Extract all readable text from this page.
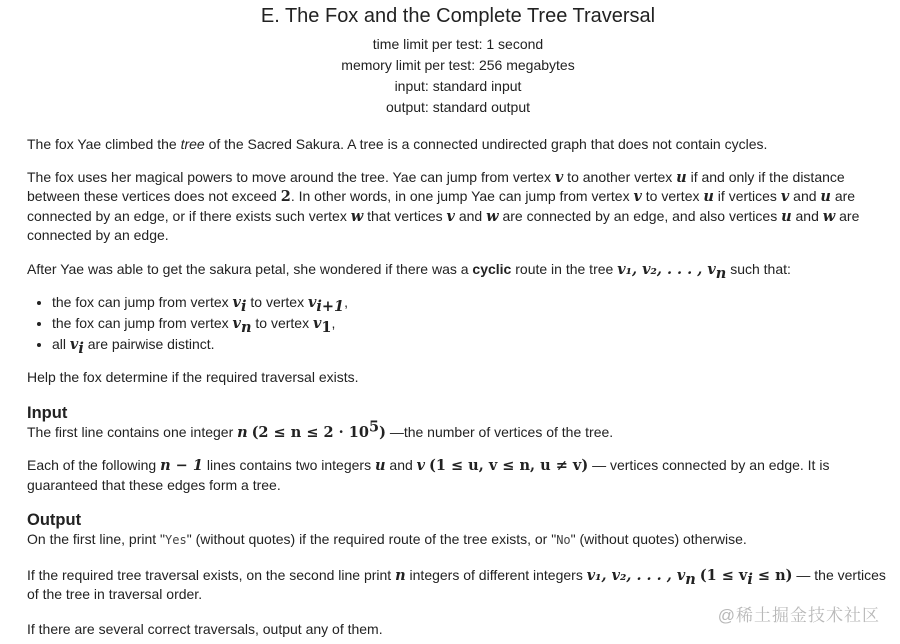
E. The Fox and the Complete Tree Traversal
time limit per test: 1 second
memory limit per test: 256 megabytes
input: standard input
output: standard output

The fox Yae climbed the tree of the Sacred Sakura. A tree is a connected undirected graph that does not contain cycles.

The fox uses her magical powers to move around the tree. Yae can jump from vertex v to another vertex u if and only if the distance between these vertices does not exceed 2. In other words, in one jump Yae can jump from vertex v to vertex u if vertices v and u are connected by an edge, or if there exists such vertex w that vertices v and w are connected by an edge, and also vertices u and w are connected by an edge.

After Yae was able to get the sakura petal, she wondered if there was a cyclic route in the tree v₁, v₂, . . . , $v_n$ such that:

• the fox can jump from vertex $v_i$ to vertex $v_{i+1}$,
• the fox can jump from vertex $v_n$ to vertex $v_1$,
• all $v_i$ are pairwise distinct.

Help the fox determine if the required traversal exists.

Input

The first line contains one integer n $(2 \le n \le 2 \cdot 10^5)$ —the number of vertices of the tree.

Each of the following n − 1 lines contains two integers u and v (1 ≤ u, v ≤ n, u ≠ v) — vertices connected by an edge. It is guaranteed that these edges form a tree.

Output

On the first line, print "Yes" (without quotes) if the required route of the tree exists, or "No" (without quotes) otherwise.

If the required tree traversal exists, on the second line print n integers of different integers v₁, v₂, . . . , $v_n$ $(1 \le v_i \le n)$ — the vertices of the tree in traversal order.

If there are several correct traversals, output any of them.

@稀土掘金技术社区
